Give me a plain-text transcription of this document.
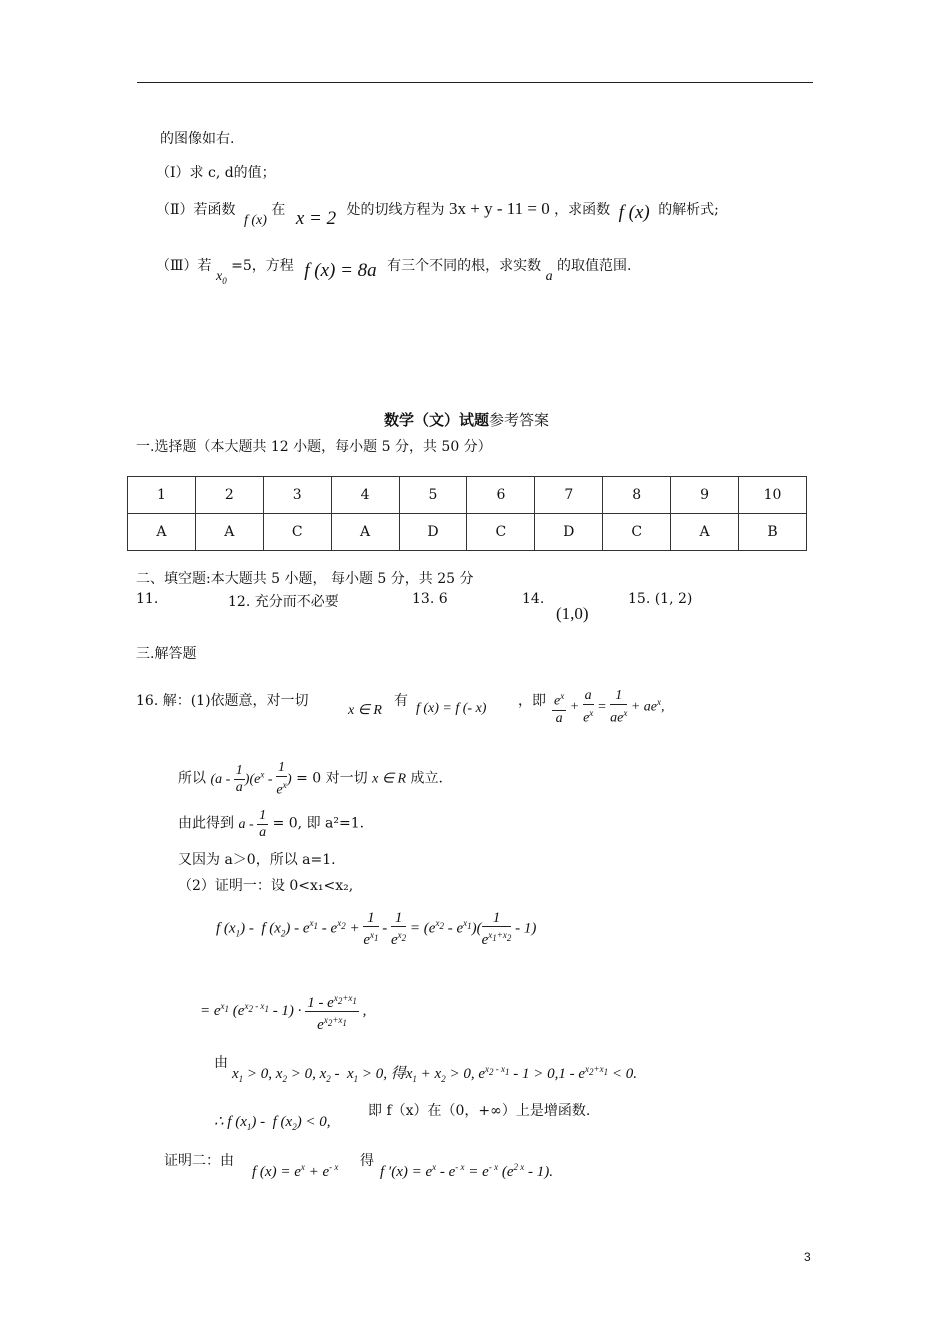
的图像如右.
（Ⅰ）求 c, d的值；
（Ⅱ）若函数 f (x) 在 x = 2 处的切线方程为 3x + y - 11 = 0 ，求函数 f (x) 的解析式;
（Ⅲ）若 $x_0 =5$，方程 f (x) = 8a 有三个不同的根，求实数 a 的取值范围.
数学（文）试题参考答案
一.选择题（本大题共 12 小题，每小题 5 分，共 50 分）
1	2	3	4	5	6	7	8	9	10
A	A	C	A	D	C	D	C	A	B
二、填空题:本大题共 5 小题， 每小题 5 分，共 25 分
11.	12. 充分而不必要	13. 6	14.
(1,0)
15. (1, 2)
三.解答题
16. 解：(1)依题意，对一切
x ∈ R
有 f (x) = f (- x) ，即 $\frac{e^x}{a} + \frac{a}{e^x} = \frac{1}{ae^x} + ae^x$,
所以 $(a - \frac{1}{a} )(e^x - \frac{1}{e^x}$ ) = 0 对一切 x ∈ R 成立.
由此得到 $a - \frac{1}{a} = 0$, 即 a²=1.
又因为 a＞0，所以 a=1.
（2）证明一：设 0<x₁<x₂,
f $(x_1)$ -  f $(x_2) - e^{x_1} - e^{x_2} + \frac{1}{e^{x_1}} - \frac{1}{e^{x_2}} = (e^{x_2} - e^{x_1})( \frac{1}{e^{x_1+x_2}} - 1)$
= $e^{x_1}$ $(e^{x_2 - x_1} - 1) \cdot \frac{1 - e^{x_2+x_1}}{e^{x_2+x_1}}$ ,
由
$x_1 > 0$, $x_2 > 0$, $x_2 - x_1 > 0$, 得$x_1 + x_2 > 0$, $e^{x_2 - x_1} - 1 > 0,1 - e^{x_2+x_1} < 0$.
∴ f $(x_1)$ -  f $(x_2) < 0$,
即 f（x）在（0，+∞）上是增函数.
证明二：由
f $(x) = e^x + e^{- x}$ 得
f $'(x) = e^x - e^{- x} = e^{- x}$ $(e^{2 x} - 1)$.
3
